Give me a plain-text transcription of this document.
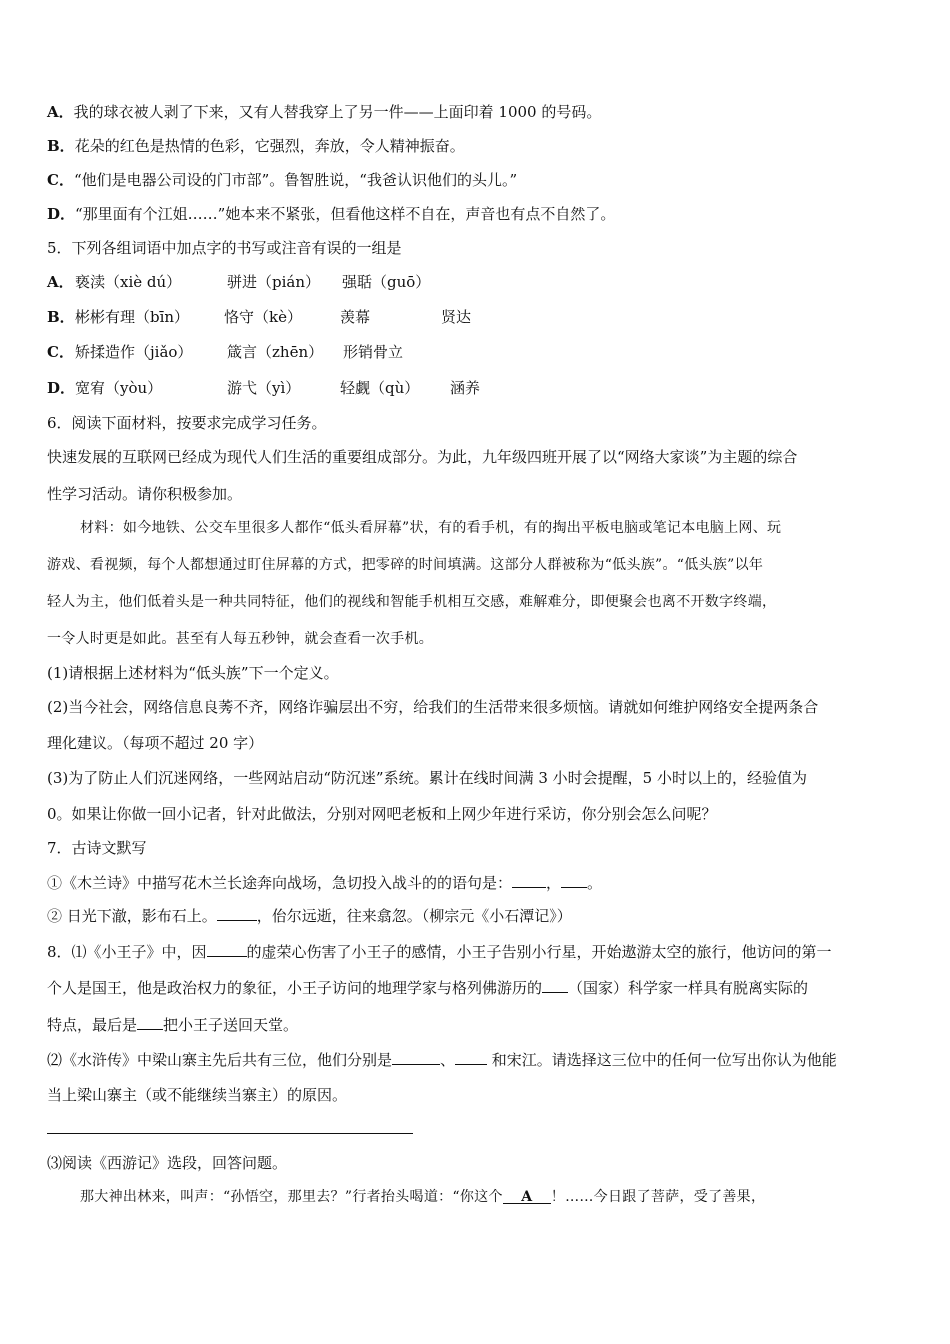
A．我的球衣被人剥了下来，又有人替我穿上了另一件——上面印着 1000 的号码。
B．花朵的红色是热情的色彩，它强烈，奔放，令人精神振奋。
C．“他们是电器公司设的门市部”。鲁智胜说，“我爸认识他们的头儿。”
D．“那里面有个江姐……”她本来不紧张，但看他这样不自在，声音也有点不自然了。
5．下列各组词语中加点字的书写或注音有误的一组是
A． 亵渎（xiè dú）	骈进（pián） 强聒（guō）
B． 彬彬有理（bīn） 恪守（kè）	羡幕	贤达
C． 矫揉造作（jiǎo） 箴言（zhēn） 形销骨立
D． 宽宥（yòu）	游弋（yì）	轻觑（qù） 涵养
6．阅读下面材料，按要求完成学习任务。
快速发展的互联网已经成为现代人们生活的重要组成部分。为此，九年级四班开展了以“网络大家谈”为主题的综合
性学习活动。请你积极参加。
材料：如今地铁、公交车里很多人都作“低头看屏幕”状，有的看手机，有的掏出平板电脑或笔记本电脑上网、玩
游戏、看视频，每个人都想通过盯住屏幕的方式，把零碎的时间填满。这部分人群被称为“低头族”。“低头族”以年
轻人为主，他们低着头是一种共同特征，他们的视线和智能手机相互交感，难解难分，即便聚会也离不开数字终端，
一令人时更是如此。甚至有人每五秒钟，就会查看一次手机。
(1)请根据上述材料为“低头族”下一个定义。
(2)当今社会，网络信息良莠不齐，网络诈骗层出不穷，给我们的生活带来很多烦恼。请就如何维护网络安全提两条合
理化建议。（每项不超过 20 字）
(3)为了防止人们沉迷网络，一些网站启动“防沉迷”系统。累计在线时间满 3 小时会提醒，5 小时以上的，经验值为
0。如果让你做一回小记者，针对此做法，分别对网吧老板和上网少年进行采访，你分别会怎么问呢？
7．古诗文默写
①《木兰诗》中描写花木兰长途奔向战场，急切投入战斗的的语句是： ， 。
② 日光下澈，影布石上。	，佁尔远逝，往来翕忽。（柳宗元《小石潭记》）
8．⑴《小王子》中，因	的虚荣心伤害了小王子的感情，小王子告别小行星，开始遨游太空的旅行，他访问的第一
个人是国王，他是政治权力的象征，小王子访问的地理学家与格列佛游历的 （国家）科学家一样具有脱离实际的
特点，最后是 把小王子送回天堂。
⑵《水浒传》中梁山寨主先后共有三位，他们分别是	、 和宋江。请选择这三位中的任何一位写出你认为他能
当上梁山寨主（或不能继续当寨主）的原因。
⑶阅读《西游记》选段，回答问题。
那大神出林来，叫声：“孙悟空，那里去？”行者抬头喝道：“你这个 A ！……今日跟了菩萨，受了善果，
